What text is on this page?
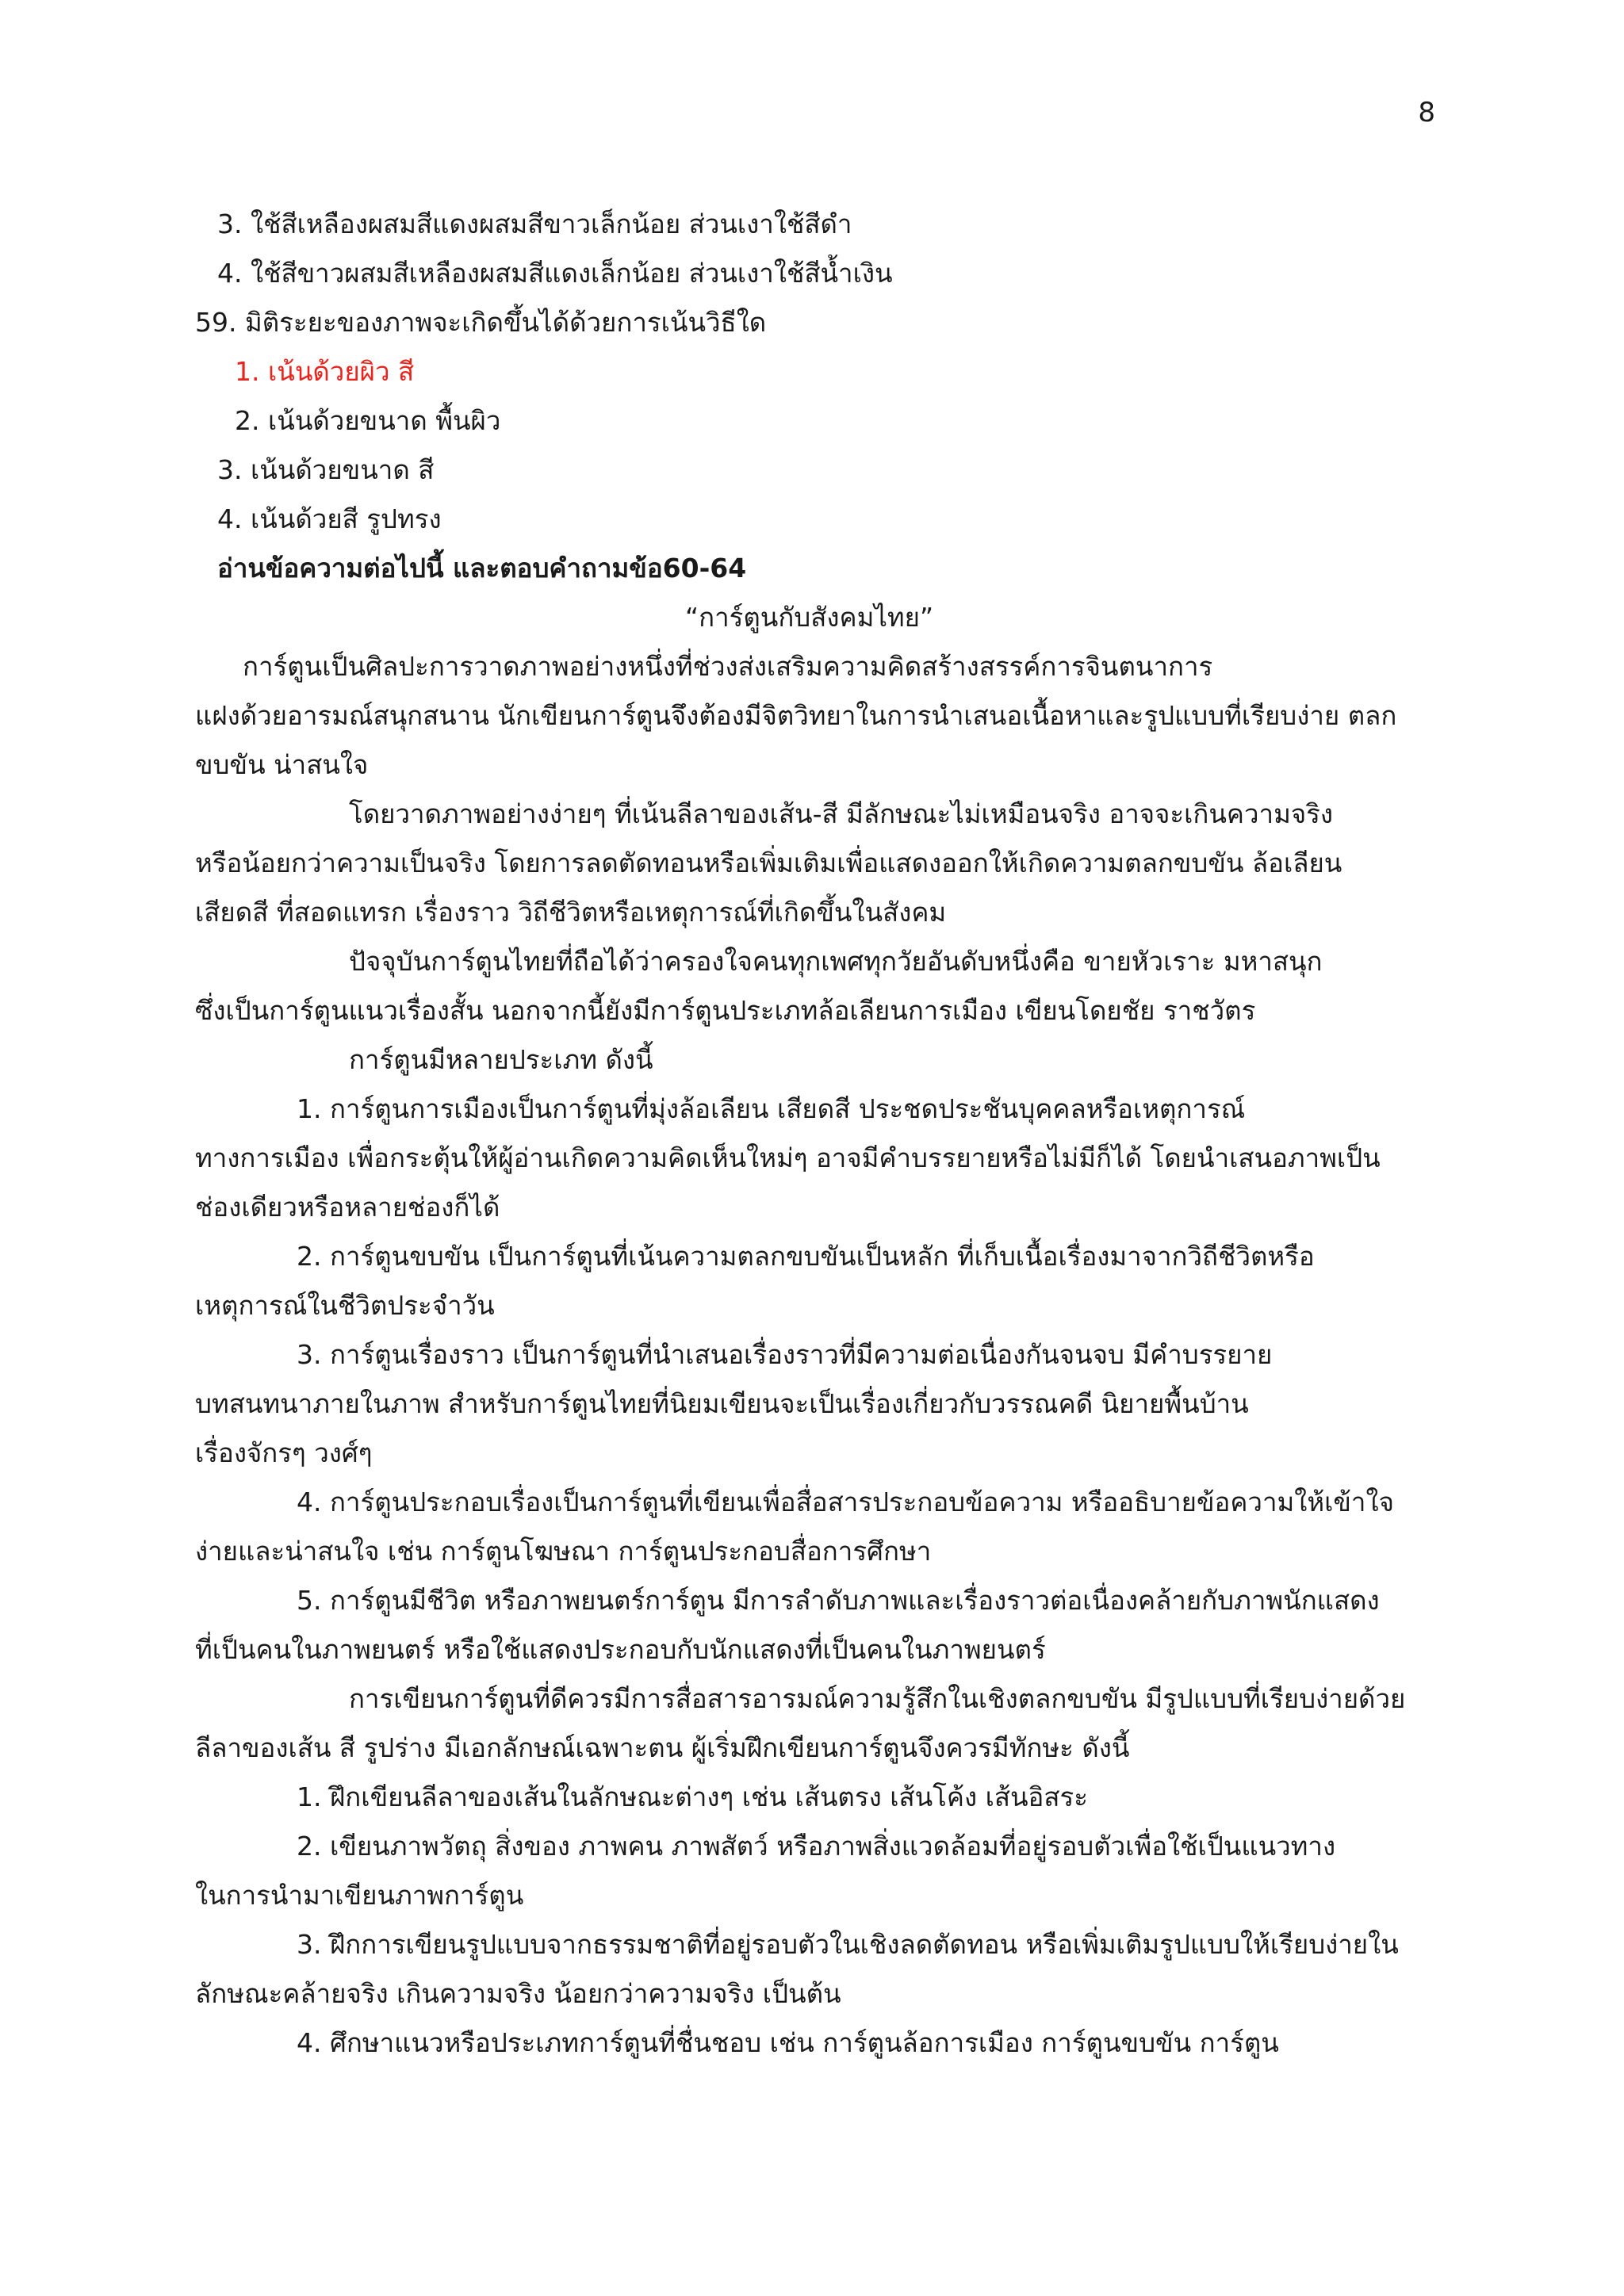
8
3. ใช้สีเหลืองผสมสีแดงผสมสีขาวเล็กน้อย ส่วนเงาใช้สีดำ
4. ใช้สีขาวผสมสีเหลืองผสมสีแดงเล็กน้อย ส่วนเงาใช้สีน้ำเงิน
59. มิติระยะของภาพจะเกิดขึ้นได้ด้วยการเน้นวิธีใด
1. เน้นด้วยผิว สี
2. เน้นด้วยขนาด พื้นผิว
3. เน้นด้วยขนาด สี
4. เน้นด้วยสี รูปทรง
อ่านข้อความต่อไปนี้ และตอบคำถามข้อ60-64
“การ์ตูนกับสังคมไทย”
การ์ตูนเป็นศิลปะการวาดภาพอย่างหนึ่งที่ช่วงส่งเสริมความคิดสร้างสรรค์การจินตนาการ
แฝงด้วยอารมณ์สนุกสนาน นักเขียนการ์ตูนจึงต้องมีจิตวิทยาในการนำเสนอเนื้อหาและรูปแบบที่เรียบง่าย ตลก
ขบขัน น่าสนใจ
โดยวาดภาพอย่างง่ายๆ ที่เน้นลีลาของเส้น-สี มีลักษณะไม่เหมือนจริง อาจจะเกินความจริง
หรือน้อยกว่าความเป็นจริง โดยการลดตัดทอนหรือเพิ่มเติมเพื่อแสดงออกให้เกิดความตลกขบขัน ล้อเลียน
เสียดสี ที่สอดแทรก เรื่องราว วิถีชีวิตหรือเหตุการณ์ที่เกิดขึ้นในสังคม
ปัจจุบันการ์ตูนไทยที่ถือได้ว่าครองใจคนทุกเพศทุกวัยอันดับหนึ่งคือ ขายหัวเราะ มหาสนุก
ซึ่งเป็นการ์ตูนแนวเรื่องสั้น นอกจากนี้ยังมีการ์ตูนประเภทล้อเลียนการเมือง เขียนโดยชัย ราชวัตร
การ์ตูนมีหลายประเภท ดังนี้
1. การ์ตูนการเมืองเป็นการ์ตูนที่มุ่งล้อเลียน เสียดสี ประชดประชันบุคคลหรือเหตุการณ์
ทางการเมือง เพื่อกระตุ้นให้ผู้อ่านเกิดความคิดเห็นใหม่ๆ อาจมีคำบรรยายหรือไม่มีก็ได้ โดยนำเสนอภาพเป็น
ช่องเดียวหรือหลายช่องก็ได้
2. การ์ตูนขบขัน เป็นการ์ตูนที่เน้นความตลกขบขันเป็นหลัก ที่เก็บเนื้อเรื่องมาจากวิถีชีวิตหรือ
เหตุการณ์ในชีวิตประจำวัน
3. การ์ตูนเรื่องราว เป็นการ์ตูนที่นำเสนอเรื่องราวที่มีความต่อเนื่องกันจนจบ มีคำบรรยาย
บทสนทนาภายในภาพ สำหรับการ์ตูนไทยที่นิยมเขียนจะเป็นเรื่องเกี่ยวกับวรรณคดี นิยายพื้นบ้าน
เรื่องจักรๆ วงศ์ๆ
4. การ์ตูนประกอบเรื่องเป็นการ์ตูนที่เขียนเพื่อสื่อสารประกอบข้อความ หรืออธิบายข้อความให้เข้าใจ
ง่ายและน่าสนใจ เช่น การ์ตูนโฆษณา การ์ตูนประกอบสื่อการศึกษา
5. การ์ตูนมีชีวิต หรือภาพยนตร์การ์ตูน มีการลำดับภาพและเรื่องราวต่อเนื่องคล้ายกับภาพนักแสดง
ที่เป็นคนในภาพยนตร์ หรือใช้แสดงประกอบกับนักแสดงที่เป็นคนในภาพยนตร์
การเขียนการ์ตูนที่ดีควรมีการสื่อสารอารมณ์ความรู้สึกในเชิงตลกขบขัน มีรูปแบบที่เรียบง่ายด้วย
ลีลาของเส้น สี รูปร่าง มีเอกลักษณ์เฉพาะตน ผู้เริ่มฝึกเขียนการ์ตูนจึงควรมีทักษะ ดังนี้
1. ฝึกเขียนลีลาของเส้นในลักษณะต่างๆ เช่น เส้นตรง เส้นโค้ง เส้นอิสระ
2. เขียนภาพวัตถุ สิ่งของ ภาพคน ภาพสัตว์ หรือภาพสิ่งแวดล้อมที่อยู่รอบตัวเพื่อใช้เป็นแนวทาง
ในการนำมาเขียนภาพการ์ตูน
3. ฝึกการเขียนรูปแบบจากธรรมชาติที่อยู่รอบตัวในเชิงลดตัดทอน หรือเพิ่มเติมรูปแบบให้เรียบง่ายใน
ลักษณะคล้ายจริง เกินความจริง น้อยกว่าความจริง เป็นต้น
4. ศึกษาแนวหรือประเภทการ์ตูนที่ชื่นชอบ เช่น การ์ตูนล้อการเมือง การ์ตูนขบขัน การ์ตูน
